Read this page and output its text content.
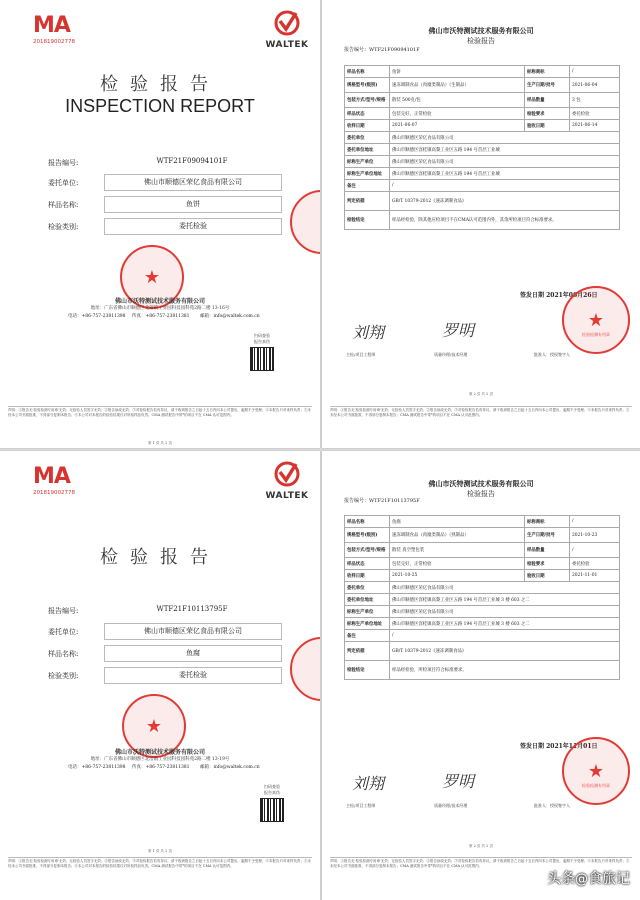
MA
201819002778	WALTEK
检验报告
INSPECTION REPORT
报告编号:	WTF21F09094101F
委托单位:	佛山市顺德区荣亿食品有限公司
样品名称:	鱼饼
检验类别:	委托检验
★
佛山市沃特测试技术服务有限公司
地址：广东省佛山市顺德区北滘镇工业园科技园科苑2路二楼 13-16号
电话：+86-757-23811398 传真：+86-757-23811381 邮箱：info@waltek.com.cn
扫码查验
报告真伪
声明：①报告无'检验检测专用章'无效；无检验人员签字无效；②报告涂改无效；③对检验报告若有异议，请于收到报告之日起十五日内向本公司提出，逾期不予受理；④本报告只对来样负责；⑤未经本公司书面批准，不得部分复制本报告；⑥本公司对本报告的检验结果仅对所检样品负责。CMA 测试报告中带*的项目不在 CMA 认可范围内。
第 1 页 共 2 页
佛山市沃特测试技术服务有限公司
检验报告
报告编号：WTF21F09094101F
样品名称	鱼饼	标称商标	/
规格型号(级别)	速冻调制食品（肉糜类制品）（生制品）	生产日期/批号	2021-06-04
包装方式/型号/规格	散装 500克/包	样品数量	3 包
样品状态	包装完好，正常检验	检验要求	委托检验
收样日期	2021-06-07	验收日期	2021-06-14
委托单位	佛山市顺德区荣亿食品有限公司		
委托单位地址	佛山市顺德区容桂镇高黎工业区五路 194 号首层工业城		
标称生产单位	佛山市顺德区荣亿食品有限公司		
标称生产单位地址	佛山市顺德区容桂镇高黎工业区五路 194 号首层工业城		
备注	/		
判定依据	GB/T 10379-2012《速冻调制食品》		
检验结论	样品经检验，除其他应检项目不在CMA认可范围内外，其余所检项目符合标准要求。		
签发日期 2021年06月26日
★
检验检测专用章
刘翔	罗明
主检/项目工程师	质量经理/技术经理	批准人：授权签字人
声明：①报告无'检验检测专用章'无效；无检验人员签字无效；②报告涂改无效；③对检验报告若有异议，请于收到报告之日起十五日内向本公司提出，逾期不予受理；④本报告只对来样负责；⑤未经本公司书面批准，不得部分复制本报告；CMA 测试报告中带*的项目不在 CMA 认可范围内。
第 2 页 共 2 页
MA
201819002778	WALTEK
检验报告
报告编号:	WTF21F10113795F
委托单位:	佛山市顺德区荣亿食品有限公司
样品名称:	鱼腐
检验类别:	委托检验
★
佛山市沃特测试技术服务有限公司
地址：广东省佛山市顺德区北滘镇工业园科技园科苑2路二楼 13-19号
电话：+86-757-23811398 传真：+86-757-23811381 邮箱：info@waltek.com.cn
扫码查验
报告真伪
声明：①报告无'检验检测专用章'无效；无检验人员签字无效；②报告涂改无效；③对检验报告若有异议，请于收到报告之日起十五日内向本公司提出，逾期不予受理；④本报告只对来样负责；⑤未经本公司书面批准，不得部分复制本报告；⑥本公司对本报告的检验结果仅对所检样品负责。CMA 测试报告中带*的项目不在 CMA 认可范围内。
第 1 页 共 2 页
佛山市沃特测试技术服务有限公司
检验报告
报告编号：WTF21F10113795F
样品名称	鱼腐	标称商标	/
规格型号(级别)	速冻调制食品（肉糜类制品）（熟制品）	生产日期/批号	2021-10-23
包装方式/型号/规格	散装 真空塑包装	样品数量	/
样品状态	包装完好，正常检验	检验要求	委托检验
收样日期	2021-10-25	验收日期	2021-11-01
委托单位	佛山市顺德区荣亿食品有限公司		
委托单位地址	佛山市顺德区容桂镇高黎工业区五路 194 号首层工业城 3 楼 603 之二		
标称生产单位	佛山市顺德区荣亿食品有限公司		
标称生产单位地址	佛山市顺德区容桂镇高黎工业区五路 194 号首层工业城 3 楼 603 之二		
备注	/		
判定依据	GB/T 10379-2012《速冻调制食品》		
检验结论	样品经检验，所检项目符合标准要求。		
签发日期 2021年11月01日
★
检验检测专用章
刘翔	罗明
主检/项目工程师	质量经理/技术经理	批准人：授权签字人
声明：①报告无'检验检测专用章'无效；无检验人员签字无效；②报告涂改无效；③对检验报告若有异议，请于收到报告之日起十五日内向本公司提出，逾期不予受理；④本报告只对来样负责；⑤未经本公司书面批准，不得部分复制本报告；CMA 测试报告中带*的项目不在 CMA 认可范围内。
第 2 页 共 2 页
头条@食旅记
